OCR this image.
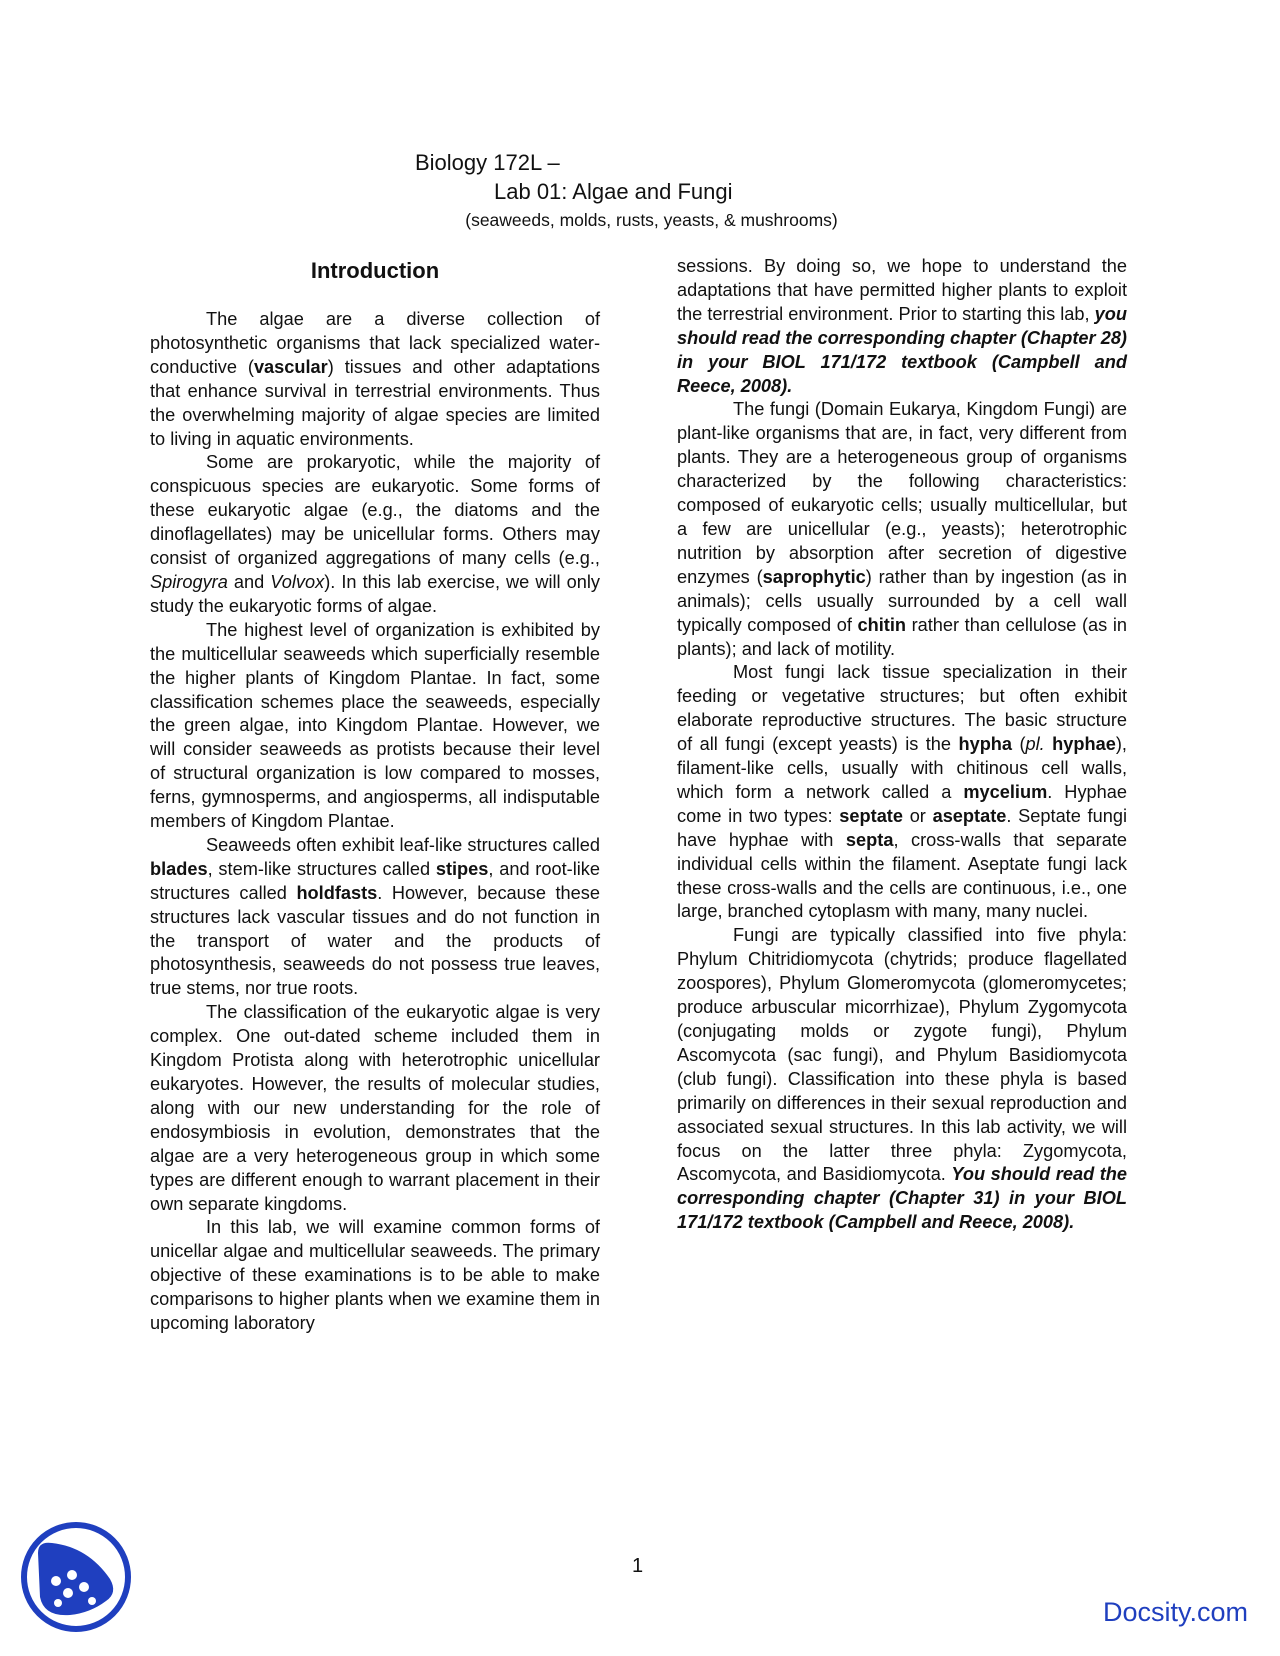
Biology 172L –
Lab 01: Algae and Fungi

(seaweeds, molds, rusts, yeasts, & mushrooms)

Introduction

The algae are a diverse collection of photosynthetic organisms that lack specialized water-conductive (vascular) tissues and other adaptations that enhance survival in terrestrial environments. Thus the overwhelming majority of algae species are limited to living in aquatic environments.

Some are prokaryotic, while the majority of conspicuous species are eukaryotic. Some forms of these eukaryotic algae (e.g., the diatoms and the dinoflagellates) may be unicellular forms. Others may consist of organized aggregations of many cells (e.g., Spirogyra and Volvox). In this lab exercise, we will only study the eukaryotic forms of algae.

The highest level of organization is exhibited by the multicellular seaweeds which superficially resemble the higher plants of Kingdom Plantae. In fact, some classification schemes place the seaweeds, especially the green algae, into Kingdom Plantae. However, we will consider seaweeds as protists because their level of structural organization is low compared to mosses, ferns, gymnosperms, and angiosperms, all indisputable members of Kingdom Plantae.

Seaweeds often exhibit leaf-like structures called blades, stem-like structures called stipes, and root-like structures called holdfasts. However, because these structures lack vascular tissues and do not function in the transport of water and the products of photosynthesis, seaweeds do not possess true leaves, true stems, nor true roots.

The classification of the eukaryotic algae is very complex. One out-dated scheme included them in Kingdom Protista along with heterotrophic unicellular eukaryotes. However, the results of molecular studies, along with our new understanding for the role of endosymbiosis in evolution, demonstrates that the algae are a very heterogeneous group in which some types are different enough to warrant placement in their own separate kingdoms.

In this lab, we will examine common forms of unicellar algae and multicellular seaweeds. The primary objective of these examinations is to be able to make comparisons to higher plants when we examine them in upcoming laboratory

sessions. By doing so, we hope to understand the adaptations that have permitted higher plants to exploit the terrestrial environment. Prior to starting this lab, you should read the corresponding chapter (Chapter 28) in your BIOL 171/172 textbook (Campbell and Reece, 2008).

The fungi (Domain Eukarya, Kingdom Fungi) are plant-like organisms that are, in fact, very different from plants. They are a heterogeneous group of organisms characterized by the following characteristics: composed of eukaryotic cells; usually multicellular, but a few are unicellular (e.g., yeasts); heterotrophic nutrition by absorption after secretion of digestive enzymes (saprophytic) rather than by ingestion (as in animals); cells usually surrounded by a cell wall typically composed of chitin rather than cellulose (as in plants); and lack of motility.

Most fungi lack tissue specialization in their feeding or vegetative structures; but often exhibit elaborate reproductive structures. The basic structure of all fungi (except yeasts) is the hypha (pl. hyphae), filament-like cells, usually with chitinous cell walls, which form a network called a mycelium. Hyphae come in two types: septate or aseptate. Septate fungi have hyphae with septa, cross-walls that separate individual cells within the filament. Aseptate fungi lack these cross-walls and the cells are continuous, i.e., one large, branched cytoplasm with many, many nuclei.

Fungi are typically classified into five phyla: Phylum Chitridiomycota (chytrids; produce flagellated zoospores), Phylum Glomeromycota (glomeromycetes; produce arbuscular micorrhizae), Phylum Zygomycota (conjugating molds or zygote fungi), Phylum Ascomycota (sac fungi), and Phylum Basidiomycota (club fungi). Classification into these phyla is based primarily on differences in their sexual reproduction and associated sexual structures. In this lab activity, we will focus on the latter three phyla: Zygomycota, Ascomycota, and Basidiomycota. You should read the corresponding chapter (Chapter 31) in your BIOL 171/172 textbook (Campbell and Reece, 2008).

1

Docsity.com
